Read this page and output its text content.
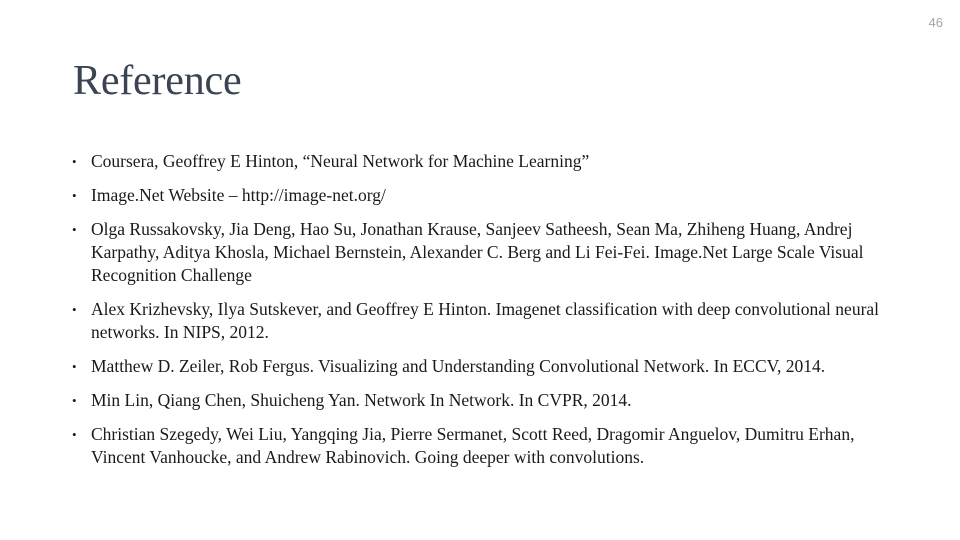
46
Reference
• Coursera, Geoffrey E Hinton, “Neural Network for Machine Learning”
• Image.Net Website – http://image-net.org/
• Olga Russakovsky, Jia Deng, Hao Su, Jonathan Krause, Sanjeev Satheesh, Sean Ma, Zhiheng Huang, Andrej Karpathy, Aditya Khosla, Michael Bernstein, Alexander C. Berg and Li Fei-Fei. Image.Net Large Scale Visual Recognition Challenge
• Alex Krizhevsky, Ilya Sutskever, and Geoffrey E Hinton. Imagenet classification with deep convolutional neural networks. In NIPS, 2012.
• Matthew D. Zeiler, Rob Fergus. Visualizing and Understanding Convolutional Network. In ECCV, 2014.
• Min Lin, Qiang Chen, Shuicheng Yan. Network In Network. In CVPR, 2014.
• Christian Szegedy, Wei Liu, Yangqing Jia, Pierre Sermanet, Scott Reed, Dragomir Anguelov, Dumitru Erhan, Vincent Vanhoucke, and Andrew Rabinovich. Going deeper with convolutions.
